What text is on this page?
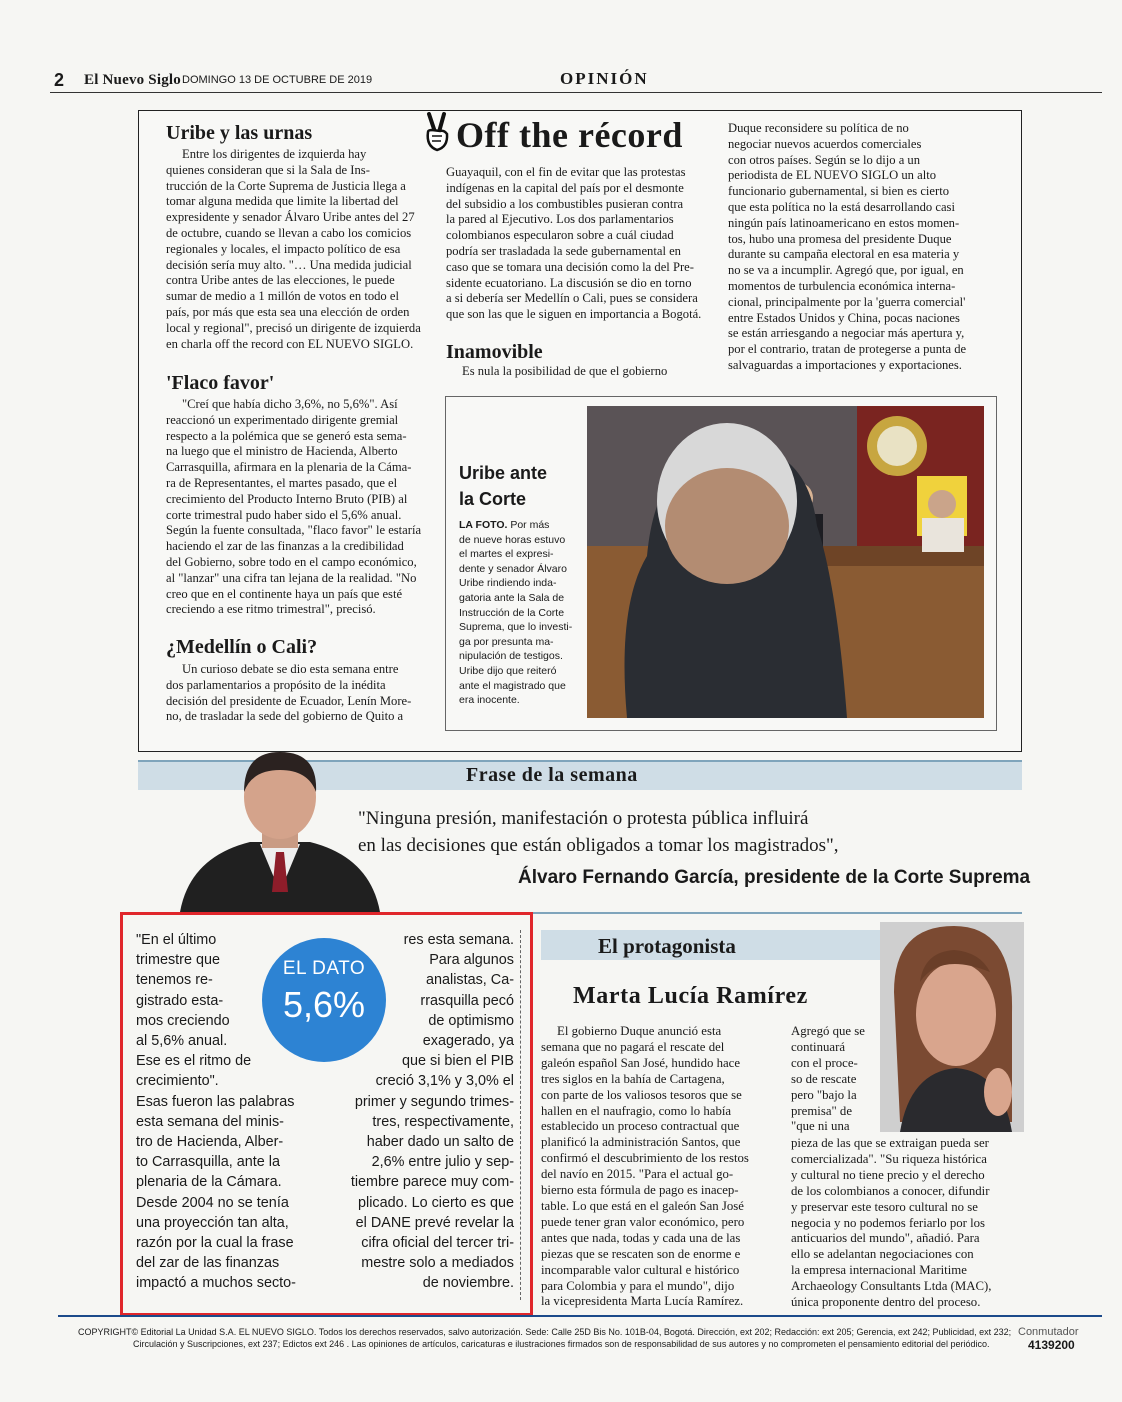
2 El Nuevo Siglo DOMINGO 13 DE OCTUBRE DE 2019	OPINIÓN
Off the récord
Uribe y las urnas
Entre los dirigentes de izquierda hay
quienes consideran que si la Sala de Ins-
trucción de la Corte Suprema de Justicia llega a
tomar alguna medida que limite la libertad del
expresidente y senador Álvaro Uribe antes del 27
de octubre, cuando se llevan a cabo los comicios
regionales y locales, el impacto político de esa
decisión sería muy alto. "… Una medida judicial
contra Uribe antes de las elecciones, le puede
sumar de medio a 1 millón de votos en todo el
país, por más que esta sea una elección de orden
local y regional", precisó un dirigente de izquierda
en charla off the record con EL NUEVO SIGLO.
'Flaco favor'
"Creí que había dicho 3,6%, no 5,6%". Así
reaccionó un experimentado dirigente gremial
respecto a la polémica que se generó esta sema-
na luego que el ministro de Hacienda, Alberto
Carrasquilla, afirmara en la plenaria de la Cáma-
ra de Representantes, el martes pasado, que el
crecimiento del Producto Interno Bruto (PIB) al
corte trimestral pudo haber sido el 5,6% anual.
Según la fuente consultada, "flaco favor" le estaría
haciendo el zar de las finanzas a la credibilidad
del Gobierno, sobre todo en el campo económico,
al "lanzar" una cifra tan lejana de la realidad. "No
creo que en el continente haya un país que esté
creciendo a ese ritmo trimestral", precisó.
¿Medellín o Cali?
Un curioso debate se dio esta semana entre
dos parlamentarios a propósito de la inédita
decisión del presidente de Ecuador, Lenín More-
no, de trasladar la sede del gobierno de Quito a
Guayaquil, con el fin de evitar que las protestas
indígenas en la capital del país por el desmonte
del subsidio a los combustibles pusieran contra
la pared al Ejecutivo. Los dos parlamentarios
colombianos especularon sobre a cuál ciudad
podría ser trasladada la sede gubernamental en
caso que se tomara una decisión como la del Pre-
sidente ecuatoriano. La discusión se dio en torno
a si debería ser Medellín o Cali, pues se considera
que son las que le siguen en importancia a Bogotá.
Inamovible

Es nula la posibilidad de que el gobierno

Duque reconsidere su política de no
negociar nuevos acuerdos comerciales
con otros países. Según se lo dijo a un
periodista de EL NUEVO SIGLO un alto
funcionario gubernamental, si bien es cierto
que esta política no la está desarrollando casi
ningún país latinoamericano en estos momen-
tos, hubo una promesa del presidente Duque
durante su campaña electoral en esa materia y
no se va a incumplir. Agregó que, por igual, en
momentos de turbulencia económica interna-
cional, principalmente por la 'guerra comercial'
entre Estados Unidos y China, pocas naciones
se están arriesgando a negociar más apertura y,
por el contrario, tratan de protegerse a punta de
salvaguardas a importaciones y exportaciones.
Uribe ante
la Corte
LA FOTO. Por más
de nueve horas estuvo
el martes el expresi-
dente y senador Álvaro
Uribe rindiendo inda-
gatoria ante la Sala de
Instrucción de la Corte
Suprema, que lo investi-
ga por presunta ma-
nipulación de testigos.
Uribe dijo que reiteró
ante el magistrado que
era inocente.
Frase de la semana
"Ninguna presión, manifestación o protesta pública influirá
en las decisiones que están obligados a tomar los magistrados",
Álvaro Fernando García, presidente de la Corte Suprema
"En el último
trimestre que
tenemos re-
gistrado esta-
mos creciendo
al 5,6% anual.
Ese es el ritmo de
crecimiento".
Esas fueron las palabras
esta semana del minis-
tro de Hacienda, Alber-
to Carrasquilla, ante la
plenaria de la Cámara.
Desde 2004 no se tenía
una proyección tan alta,
razón por la cual la frase
del zar de las finanzas
impactó a muchos secto-
res esta semana.
Para algunos
analistas, Ca-
rrasquilla pecó
de optimismo
exagerado, ya
que si bien el PIB
creció 3,1% y 3,0% el
primer y segundo trimes-
tres, respectivamente,
haber dado un salto de
2,6% entre julio y sep-
tiembre parece muy com-
plicado. Lo cierto es que
el DANE prevé revelar la
cifra oficial del tercer tri-
mestre solo a mediados
de noviembre.
EL DATO
5,6%
El protagonista
Marta Lucía Ramírez
El gobierno Duque anunció esta
semana que no pagará el rescate del
galeón español San José, hundido hace
tres siglos en la bahía de Cartagena,
con parte de los valiosos tesoros que se
hallen en el naufragio, como lo había
establecido un proceso contractual que
planificó la administración Santos, que
confirmó el descubrimiento de los restos
del navío en 2015. "Para el actual go-
bierno esta fórmula de pago es inacep-
table. Lo que está en el galeón San José
puede tener gran valor económico, pero
antes que nada, todas y cada una de las
piezas que se rescaten son de enorme e
incomparable valor cultural e histórico
para Colombia y para el mundo", dijo
la vicepresidenta Marta Lucía Ramírez.
Agregó que se
continuará
con el proce-
so de rescate
pero "bajo la
premisa" de
"que ni una
pieza de las que se extraigan pueda ser
comercializada". "Su riqueza histórica
y cultural no tiene precio y el derecho
de los colombianos a conocer, difundir
y preservar este tesoro cultural no se
negocia y no podemos feriarlo por los
anticuarios del mundo", añadió. Para
ello se adelantan negociaciones con
la empresa internacional Maritime
Archaeology Consultants Ltda (MAC),
única proponente dentro del proceso.
COPYRIGHT© Editorial La Unidad S.A. EL NUEVO SIGLO. Todos los derechos reservados, salvo autorización. Sede: Calle 25D Bis No. 101B-04, Bogotá. Dirección, ext 202; Redacción: ext 205; Gerencia, ext 242; Publicidad, ext 232;
Circulación y Suscripciones, ext 237; Edictos ext 246 . Las opiniones de artículos, caricaturas e ilustraciones firmados son de responsabilidad de sus autores y no comprometen el pensamiento editorial del periódico.
Conmutador
4139200
